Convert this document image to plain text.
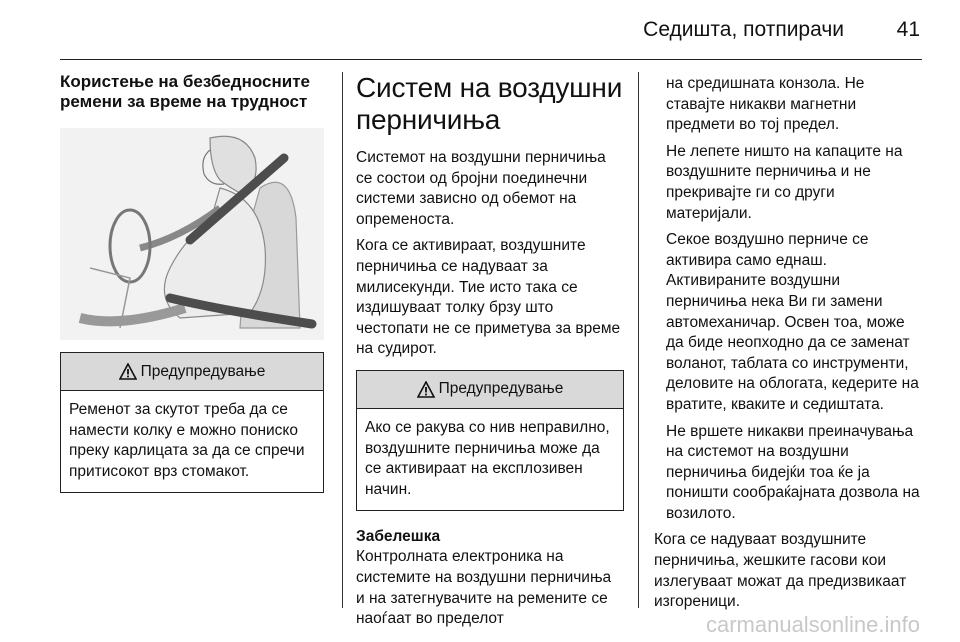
Седишта, потпирачи	41
Користење на безбедносните ремени за време на трудност
Предупредување
Ременот за скутот треба да се намести колку е можно пониско преку карлицата за да се спречи притисокот врз стомакот.
Систем на воздушни перничиња

Системот на воздушни перничиња се состои од бројни поединечни системи зависно од обемот на опременоста.

Кога се активираат, воздушните перничиња се надуваат за милисекунди. Тие исто така се издишуваат толку брзу што честопати не се приметува за време на судирот.

Предупредување
Ако се ракува со нив неправилно, воздушните перничиња може да се активираат на експлозивен начин.
Забелешка
Контролната електроника на системите на воздушни перничиња и на затегнувачите на ремените се наоѓаат во пределот

на средишната конзола. Не ставајте никакви магнетни предмети во тој предел.

Не лепете ништо на капаците на воздушните перничиња и не прекривајте ги со други материјали.

Секое воздушно перниче се активира само еднаш. Активираните воздушни перничиња нека Ви ги замени автомеханичар. Освен тоа, може да биде неопходно да се заменат воланот, таблата со инструменти, деловите на облогата, кедерите на вратите, кваките и седиштата.

Не вршете никакви преиначувања на системот на воздушни перничиња бидејќи тоа ќе ја поништи сообраќајната дозвола на возилото.

Кога се надуваат воздушните перничиња, жешките гасови кои излегуваат можат да предизвикаат изгореници.

carmanualsonline.info
